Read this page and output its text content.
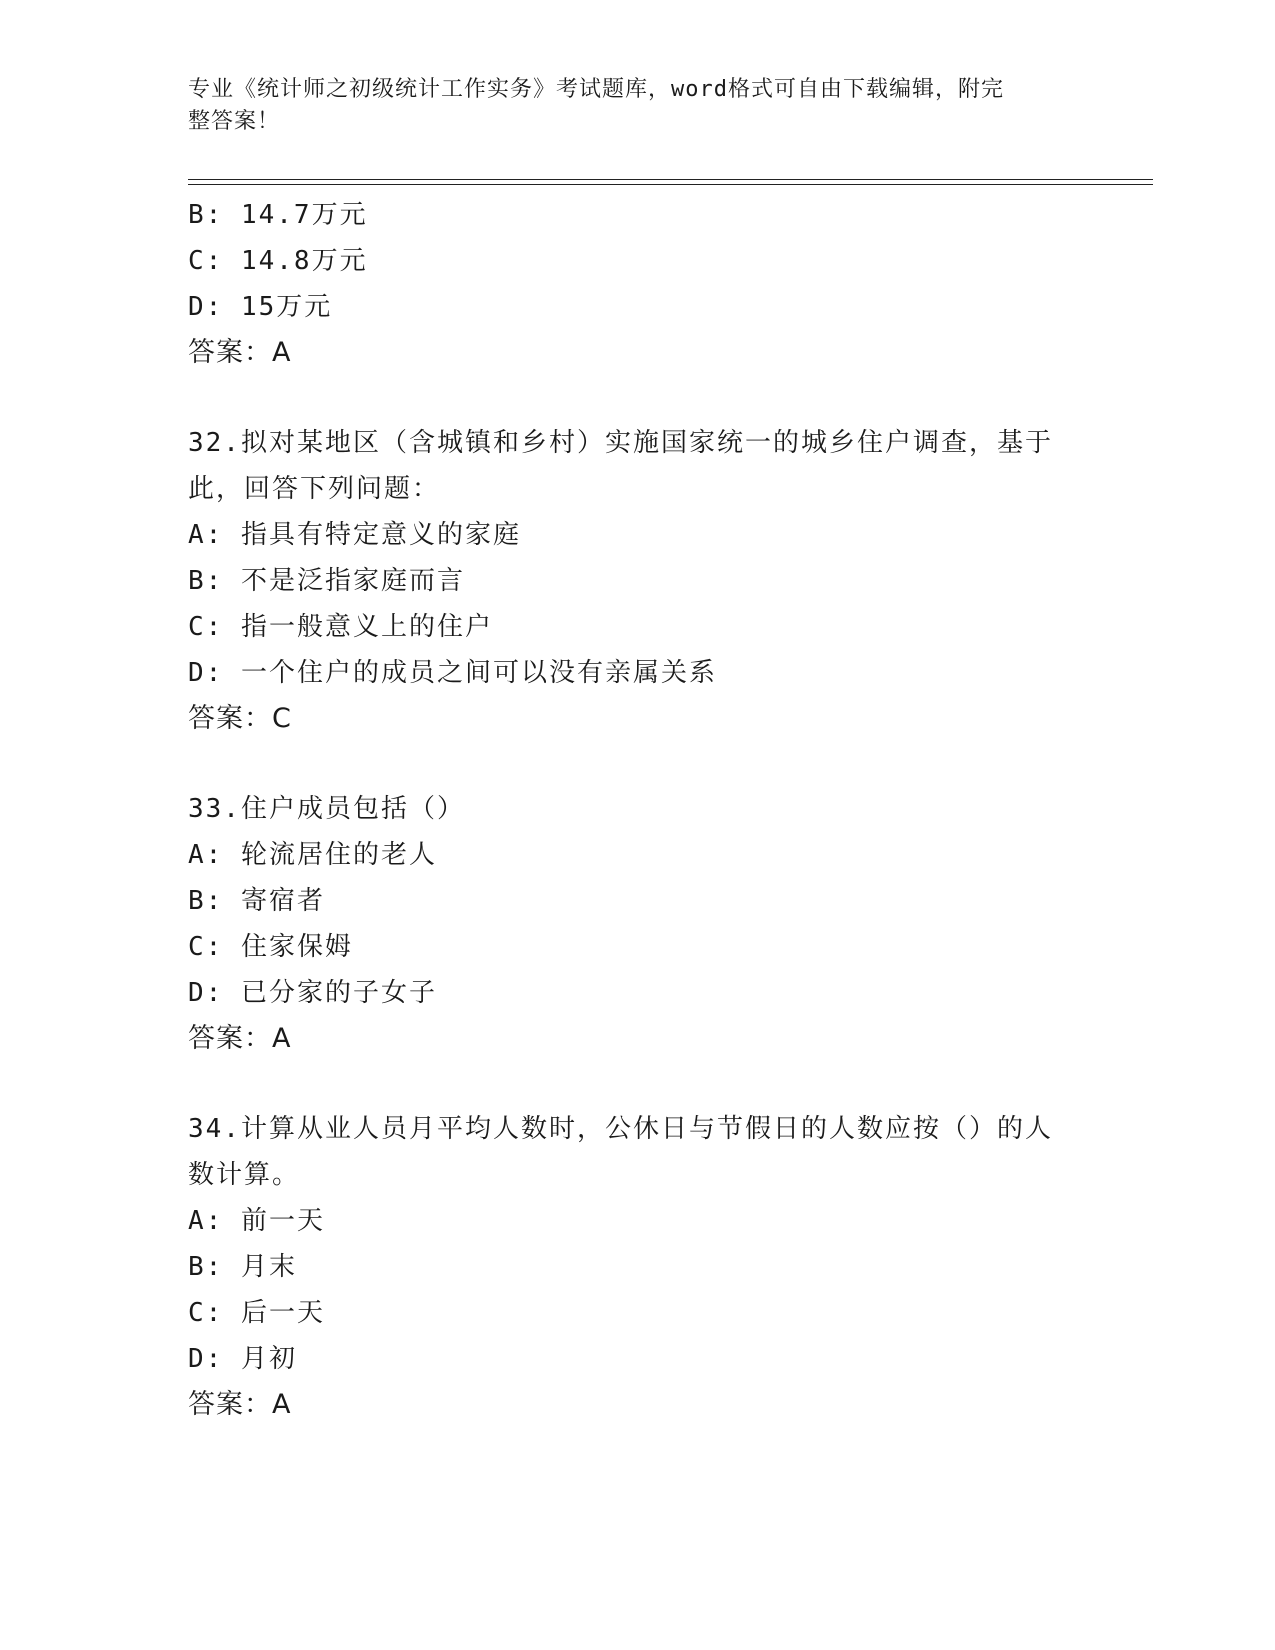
专业《统计师之初级统计工作实务》考试题库，word格式可自由下载编辑，附完
整答案！
B: 14.7万元
C: 14.8万元
D: 15万元
答案：A
32.拟对某地区（含城镇和乡村）实施国家统一的城乡住户调查，基于
此，回答下列问题：
A: 指具有特定意义的家庭
B: 不是泛指家庭而言
C: 指一般意义上的住户
D: 一个住户的成员之间可以没有亲属关系
答案：C
33.住户成员包括（）
A: 轮流居住的老人
B: 寄宿者
C: 住家保姆
D: 已分家的子女子
答案：A
34.计算从业人员月平均人数时，公休日与节假日的人数应按（）的人
数计算。
A: 前一天
B: 月末
C: 后一天
D: 月初
答案：A
